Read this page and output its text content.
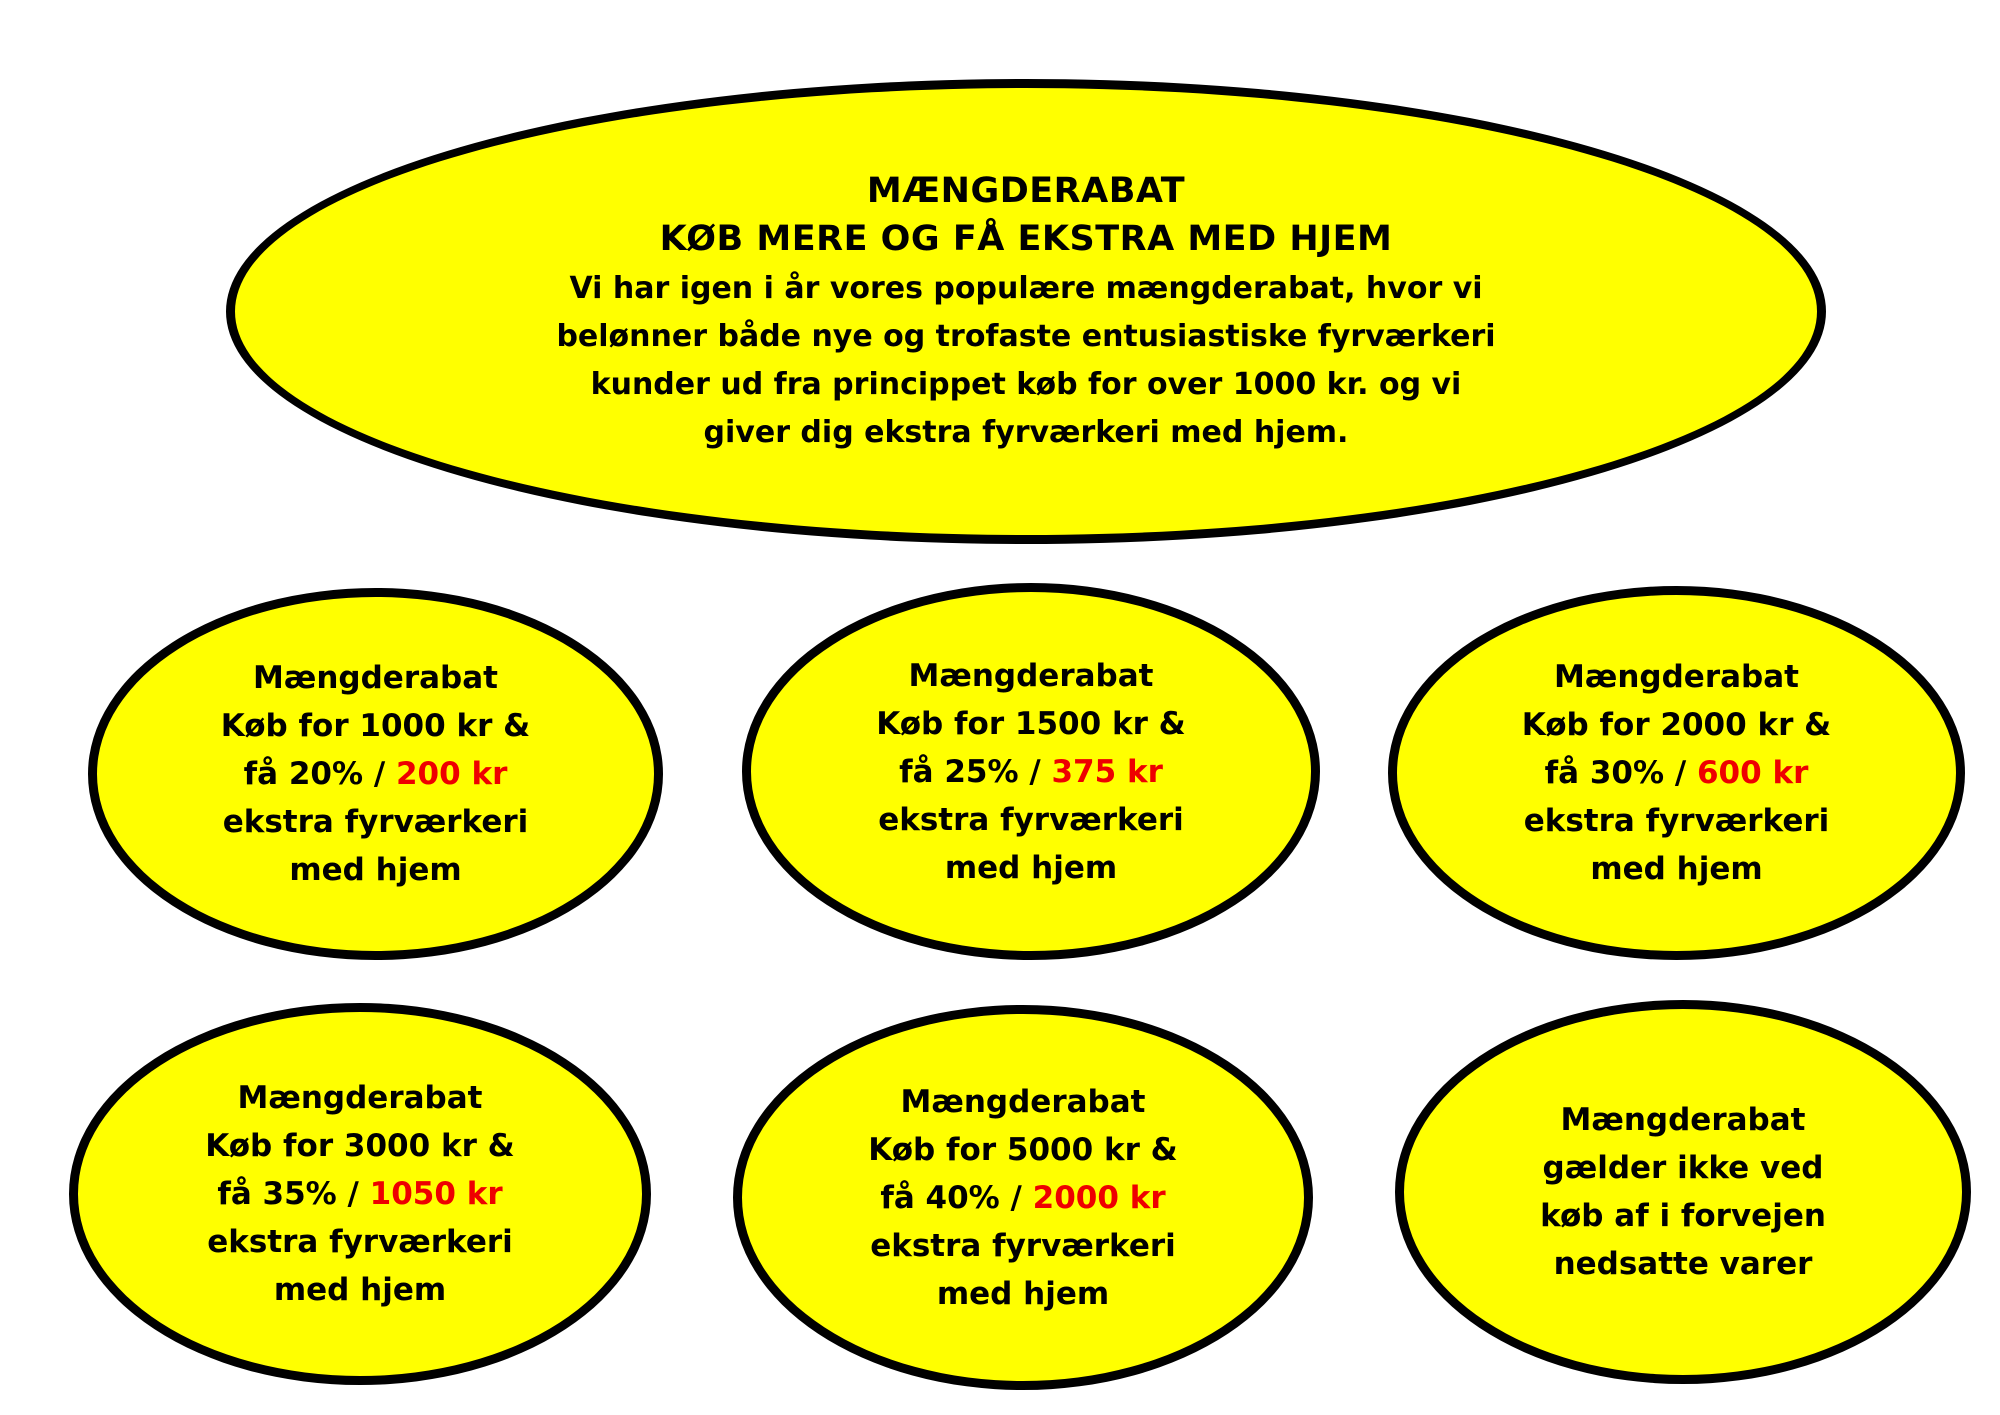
MÆNGDERABAT
KØB MERE OG FÅ EKSTRA MED HJEM
Vi har igen i år vores populære mængderabat, hvor vi
belønner både nye og trofaste entusiastiske fyrværkeri
kunder ud fra princippet køb for over 1000 kr. og vi
giver dig ekstra fyrværkeri med hjem.
Mængderabat
Køb for 1000 kr &
få 20% / 200 kr
ekstra fyrværkeri
med hjem
Mængderabat
Køb for 1500 kr &
få 25% / 375 kr
ekstra fyrværkeri
med hjem
Mængderabat
Køb for 2000 kr &
få 30% / 600 kr
ekstra fyrværkeri
med hjem
Mængderabat
Køb for 3000 kr &
få 35% / 1050 kr
ekstra fyrværkeri
med hjem
Mængderabat
Køb for 5000 kr &
få 40% / 2000 kr
ekstra fyrværkeri
med hjem
Mængderabat
gælder ikke ved
køb af i forvejen
nedsatte varer
